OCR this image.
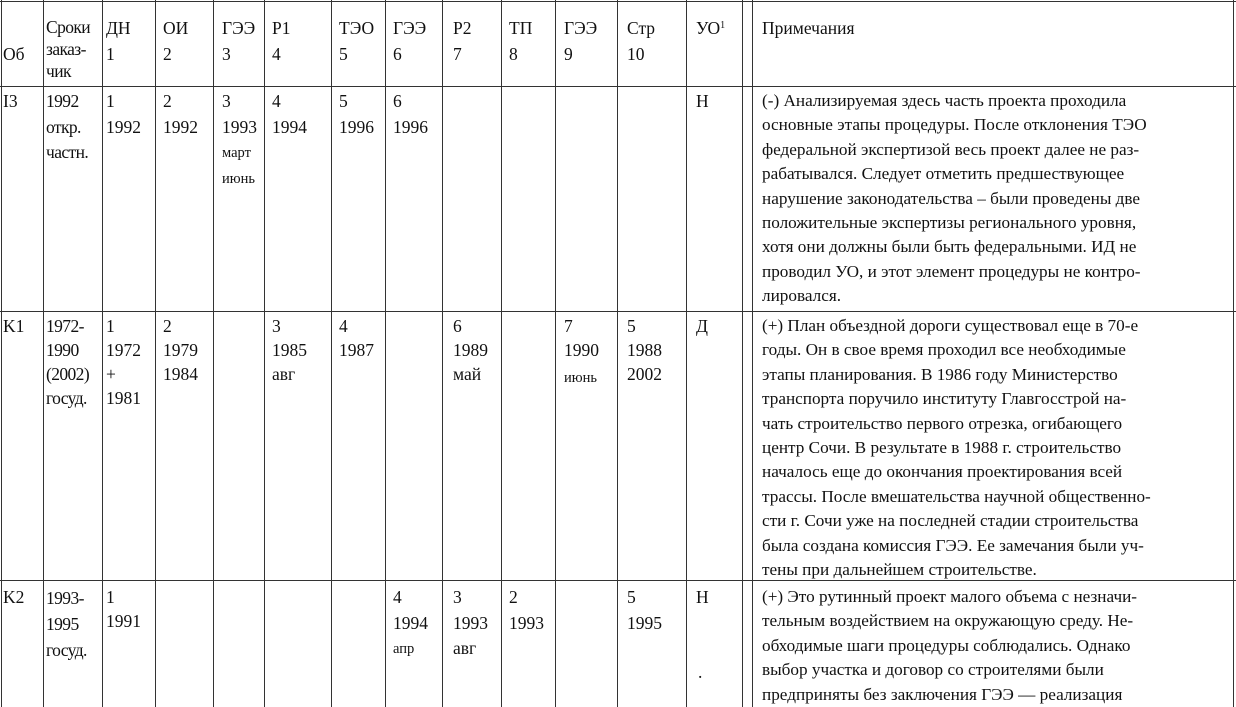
Об
Сроки
заказ-
чик
ДН
1
ОИ
2
ГЭЭ
3
Р1
4
ТЭО
5
ГЭЭ
6
Р2
7
ТП
8
ГЭЭ
9
Стр
10
$УО^1$ Примечания
I3 1992
откр.
частн.
1
1992
2
1992
3
1993
март
июнь
4
1994
5
1996
6
1996
Н	(-) Анализируемая здесь часть проекта проходила
основные этапы процедуры. После отклонения ТЭО
федеральной экспертизой весь проект далее не раз-
рабатывался. Следует отметить предшествующее
нарушение законодательства – были проведены две
положительные экспертизы регионального уровня,
хотя они должны были быть федеральными. ИД не
проводил УО, и этот элемент процедуры не контро-
лировался.
K1 1972-
1990
(2002)
госуд.
1
1972
+
1981
2
1979
1984
3
1985
авг
4
1987
6
1989
май
7
1990
июнь
5
1988
2002
Д	(+) План объездной дороги существовал еще в 70-е
годы. Он в свое время проходил все необходимые
этапы планирования. В 1986 году Министерство
транспорта поручило институту Главгосстрой на-
чать строительство первого отрезка, огибающего
центр Сочи. В результате в 1988 г. строительство
началось еще до окончания проектирования всей
трассы. После вмешательства научной общественно-
сти г. Сочи уже на последней стадии строительства
была создана комиссия ГЭЭ. Ее замечания были уч-
тены при дальнейшем строительстве.
K2 1993-
1995
госуд.
1
1991
4
1994
апр
3
1993
авг
2
1993
5
1995
Н
.
(+) Это рутинный проект малого объема с незначи-
тельным воздействием на окружающую среду. Не-
обходимые шаги процедуры соблюдались. Однако
выбор участка и договор со строителями были
предприняты без заключения ГЭЭ — реализация
